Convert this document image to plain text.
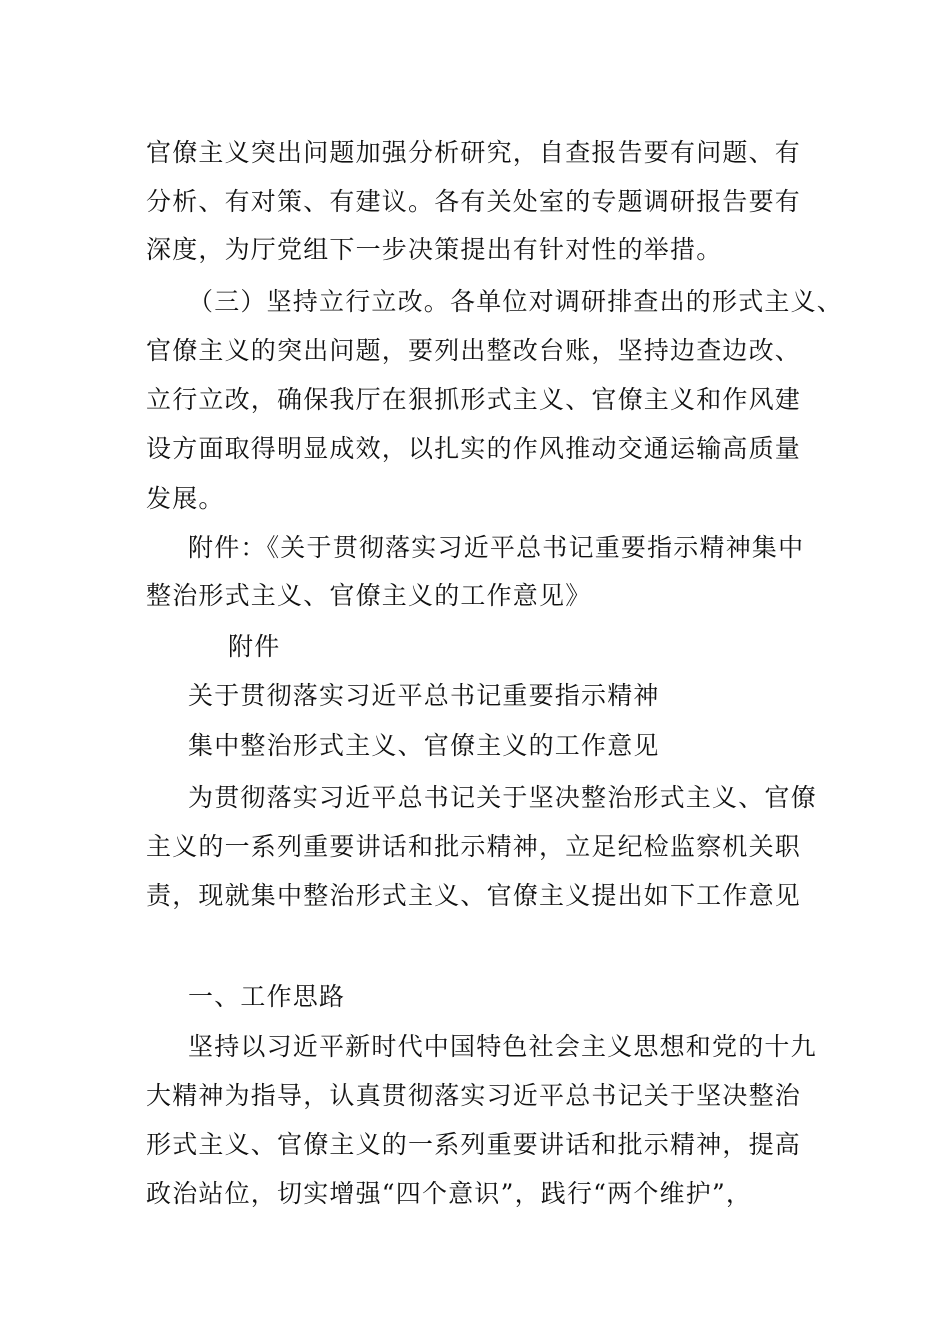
官僚主义突出问题加强分析研究，自查报告要有问题、有
分析、有对策、有建议。各有关处室的专题调研报告要有
深度，为厅党组下一步决策提出有针对性的举措。
（三）坚持立行立改。各单位对调研排查出的形式主义、
官僚主义的突出问题，要列出整改台账，坚持边查边改、
立行立改，确保我厅在狠抓形式主义、官僚主义和作风建
设方面取得明显成效，以扎实的作风推动交通运输高质量
发展。
附件：《关于贯彻落实习近平总书记重要指示精神集中
整治形式主义、官僚主义的工作意见》
附件
关于贯彻落实习近平总书记重要指示精神
集中整治形式主义、官僚主义的工作意见
为贯彻落实习近平总书记关于坚决整治形式主义、官僚
主义的一系列重要讲话和批示精神，立足纪检监察机关职
责，现就集中整治形式主义、官僚主义提出如下工作意见
一、工作思路
坚持以习近平新时代中国特色社会主义思想和党的十九
大精神为指导，认真贯彻落实习近平总书记关于坚决整治
形式主义、官僚主义的一系列重要讲话和批示精神，提高
政治站位，切实增强“四个意识”，践行“两个维护”，
